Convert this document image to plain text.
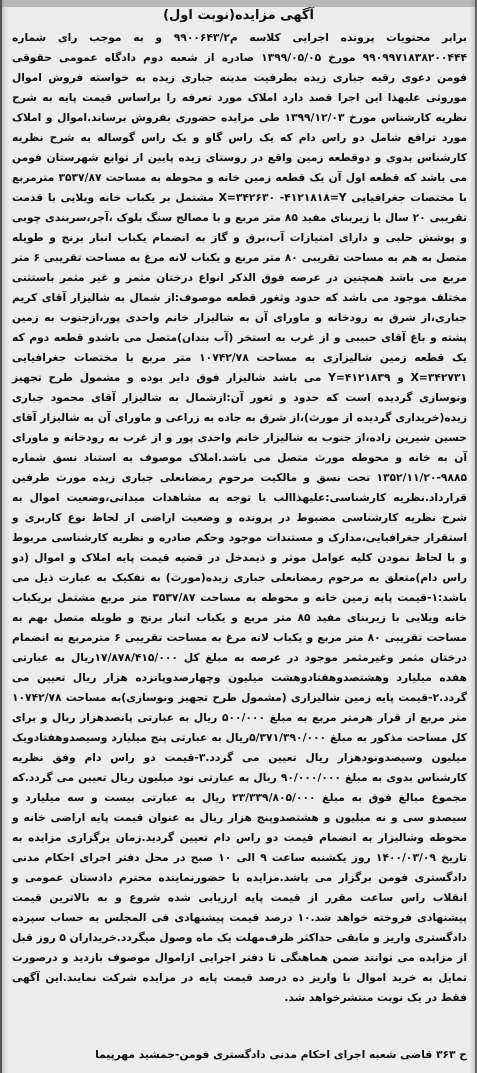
آگهی مزایده(نوبت اول)
برابر محتویات پرونده اجرایی کلاسه م۹۹۰۰۶۴۳/۲ و به موجب رای شماره ۹۹۰۹۹۷۱۸۳۸۲۰۰۴۴۴ مورخ ۱۳۹۹/۰۵/۰۵ صادره از شعبه دوم دادگاه عمومی حقوقی فومن دعوی رقیه جباری زیده بطرفیت مدینه جباری زیده به خواسته فروش اموال موروثی علیهذا این اجرا قصد دارد املاک مورد تعرفه را براساس قیمت پایه به شرح نظریه کارشناس مورخ ۱۳۹۹/۱۲/۰۳ طی مزایده حضوری بفروش برساند.اموال و املاک مورد ترافع شامل دو راس دام که یک راس گاو و یک راس گوساله به شرح نظریه کارشناس بدوی و دوقطعه زمین واقع در روستای زیده پایین از توابع شهرستان فومن می باشد که قطعه اول آن یک قطعه زمین خانه و محوطه به مساحت ۳۵۳۷/۸۷ مترمربع با مختصات جغرافیایی X=۳۴۲۶۳۰ -۴۱۲۱۸۱۸=Y مشتمل بر یکباب خانه ویلایی با قدمت تقریبی ۲۰ سال با زیربنای مفید ۸۵ متر مربع و با مصالح سنگ بلوک ،آجر،سربندی چوبی و پوشش حلبی و دارای امتیازات آب،برق و گاز به انضمام یکباب انبار برنج و طویله متصل به هم به مساحت تقریبی ۸۰ متر مربع و یکباب لانه مرغ به مساحت تقریبی ۶ متر مربع می باشد همچنین در عرصه فوق الذکر انواع درختان مثمر و غیر مثمر باستثنی مختلف موجود می باشد که حدود وثغور قطعه موصوف:از شمال به شالیزار آقای کریم جباری،از شرق به رودخانه و ماورای آن به شالیزار خانم واحدی پور،ازجنوب به زمین پشته و باغ آقای حبیبی و از غرب به استخر (آب بندان)متصل می باشدو قطعه دوم که یک قطعه زمین شالیزاری به مساحت ۱۰۷۴۲/۷۸ متر مربع با مختصات جغرافیایی X=۳۴۲۷۳۱ و ۴۱۲۱۸۳۹=Y می باشد شالیزار فوق دایر بوده و مشمول طرح تجهیز ونوسازی گردیده است که حدود و ثغور آن:ازشمال به شالیزار آقای محمود جباری زیده(خریداری گردیده از مورث)،از شرق به جاده به زراعی و ماورای آن به شالیزار آقای حسین شیرین زاده،از جنوب به شالیزار خانم واحدی پور و از غرب به رودخانه و ماورای آن به خانه و محوطه مورث متصل می باشد.املاک موصوف به استناد نسق شماره ۹۸۸۵-۱۳۵۲/۱۱/۲۰ تحت نسق و مالکیت مرحوم رمضانعلی جباری زیده مورث طرفین قرارداد.نظریه کارشناسی:علیهذاالب با توجه به مشاهدات میدانی،وضعیت اموال به شرح نظریه کارشناسی مضبوط در پرونده و وضعیت اراضی از لحاظ نوع کاربری و استقرار جغرافیایی،مدارک و مستندات موجود وحکم صادره و نظریه کارشناسی مربوط و با لحاظ نمودن کلیه عوامل موثر و ذیمدخل در قضیه قیمت پایه املاک و اموال (دو راس دام)متعلق به مرحوم رمضانعلی جباری زیده(مورث) به تفکیک به عبارت ذیل می باشد:۱-قیمت پایه زمین خانه و محوطه به مساحت ۳۵۳۷/۸۷ متر مربع مشتمل بریکباب خانه ویلایی با زیربنای مفید ۸۵ متر مربع و یکباب انبار برنج و طویله متصل بهم به مساحت تقریبی ۸۰ متر مربع و یکباب لانه مرغ به مساحت تقریبی ۶ مترمربع به انضمام درختان مثمر وغیرمثمر موجود در عرصه به مبلغ کل ۱۷/۸۷۸/۴۱۵/۰۰۰ریال به عبارتی هفده میلیارد وهشتصدوهفتادوهشت میلیون وچهارصدوپانزده هزار ریال تعیین می گردد.۲-قیمت پایه زمین شالیزاری (مشمول طرح تجهیز ونوسازی)به مساحت ۱۰۷۴۲/۷۸ متر مربع از قرار هرمتر مربع به مبلغ ۵۰۰/۰۰۰ ریال به عبارتی پانصدهزار ریال و برای کل مساحت مذکور به مبلغ ۵/۳۷۱/۳۹۰/۰۰۰ریال به عبارتی پنج میلیارد وسیصدوهفتادویک میلیون وسیصدونودهزار ریال تعیین می گردد.۳-قیمت دو راس دام وفق نظریه کارشناس بدوی به مبلغ ۹۰/۰۰۰/۰۰۰ ریال به عبارتی نود میلیون ریال تعیین می گردد.که مجموع مبالغ فوق به مبلغ ۲۳/۳۳۹/۸۰۵/۰۰۰ ریال به عبارتی بیست و سه میلیارد و سیصدو سی و نه میلیون و هشتصدوپنج هزار ریال به عنوان قیمت پایه اراضی خانه و محوطه وشالیزار به انضمام قیمت دو راس دام تعیین گردید.زمان برگزاری مزایده به تاریخ ۱۴۰۰/۰۳/۰۹ روز یکشنبه ساعت ۹ الی ۱۰ صبح در محل دفتر اجرای احکام مدنی دادگستری فومن برگزار می باشد.مزایده با حضورنماینده محترم دادستان عمومی و انقلاب راس ساعت مقرر از قیمت پایه ارزیابی شده شروع و به بالاترین قیمت پیشنهادی فروخته خواهد شد.۱۰ درصد قیمت پیشنهادی فی المجلس به حساب سپرده دادگستری واریز و مابقی حداکثر ظرف‌مهلت یک ماه وصول میگردد.خریداران ۵ روز قبل از مزایده می توانند ضمن هماهنگی تا دفتر اجرایی ازاموال موصوف بازدید و درصورت تمایل به خرید اموال با واریز ده درصد قیمت پایه در مزایده شرکت نمایند.این آگهی فقط در یک نوبت منتشرخواهد شد.
ح ۳۶۳ قاضی شعبه اجرای احکام مدنی دادگستری فومن-جمشید مهرپیما
